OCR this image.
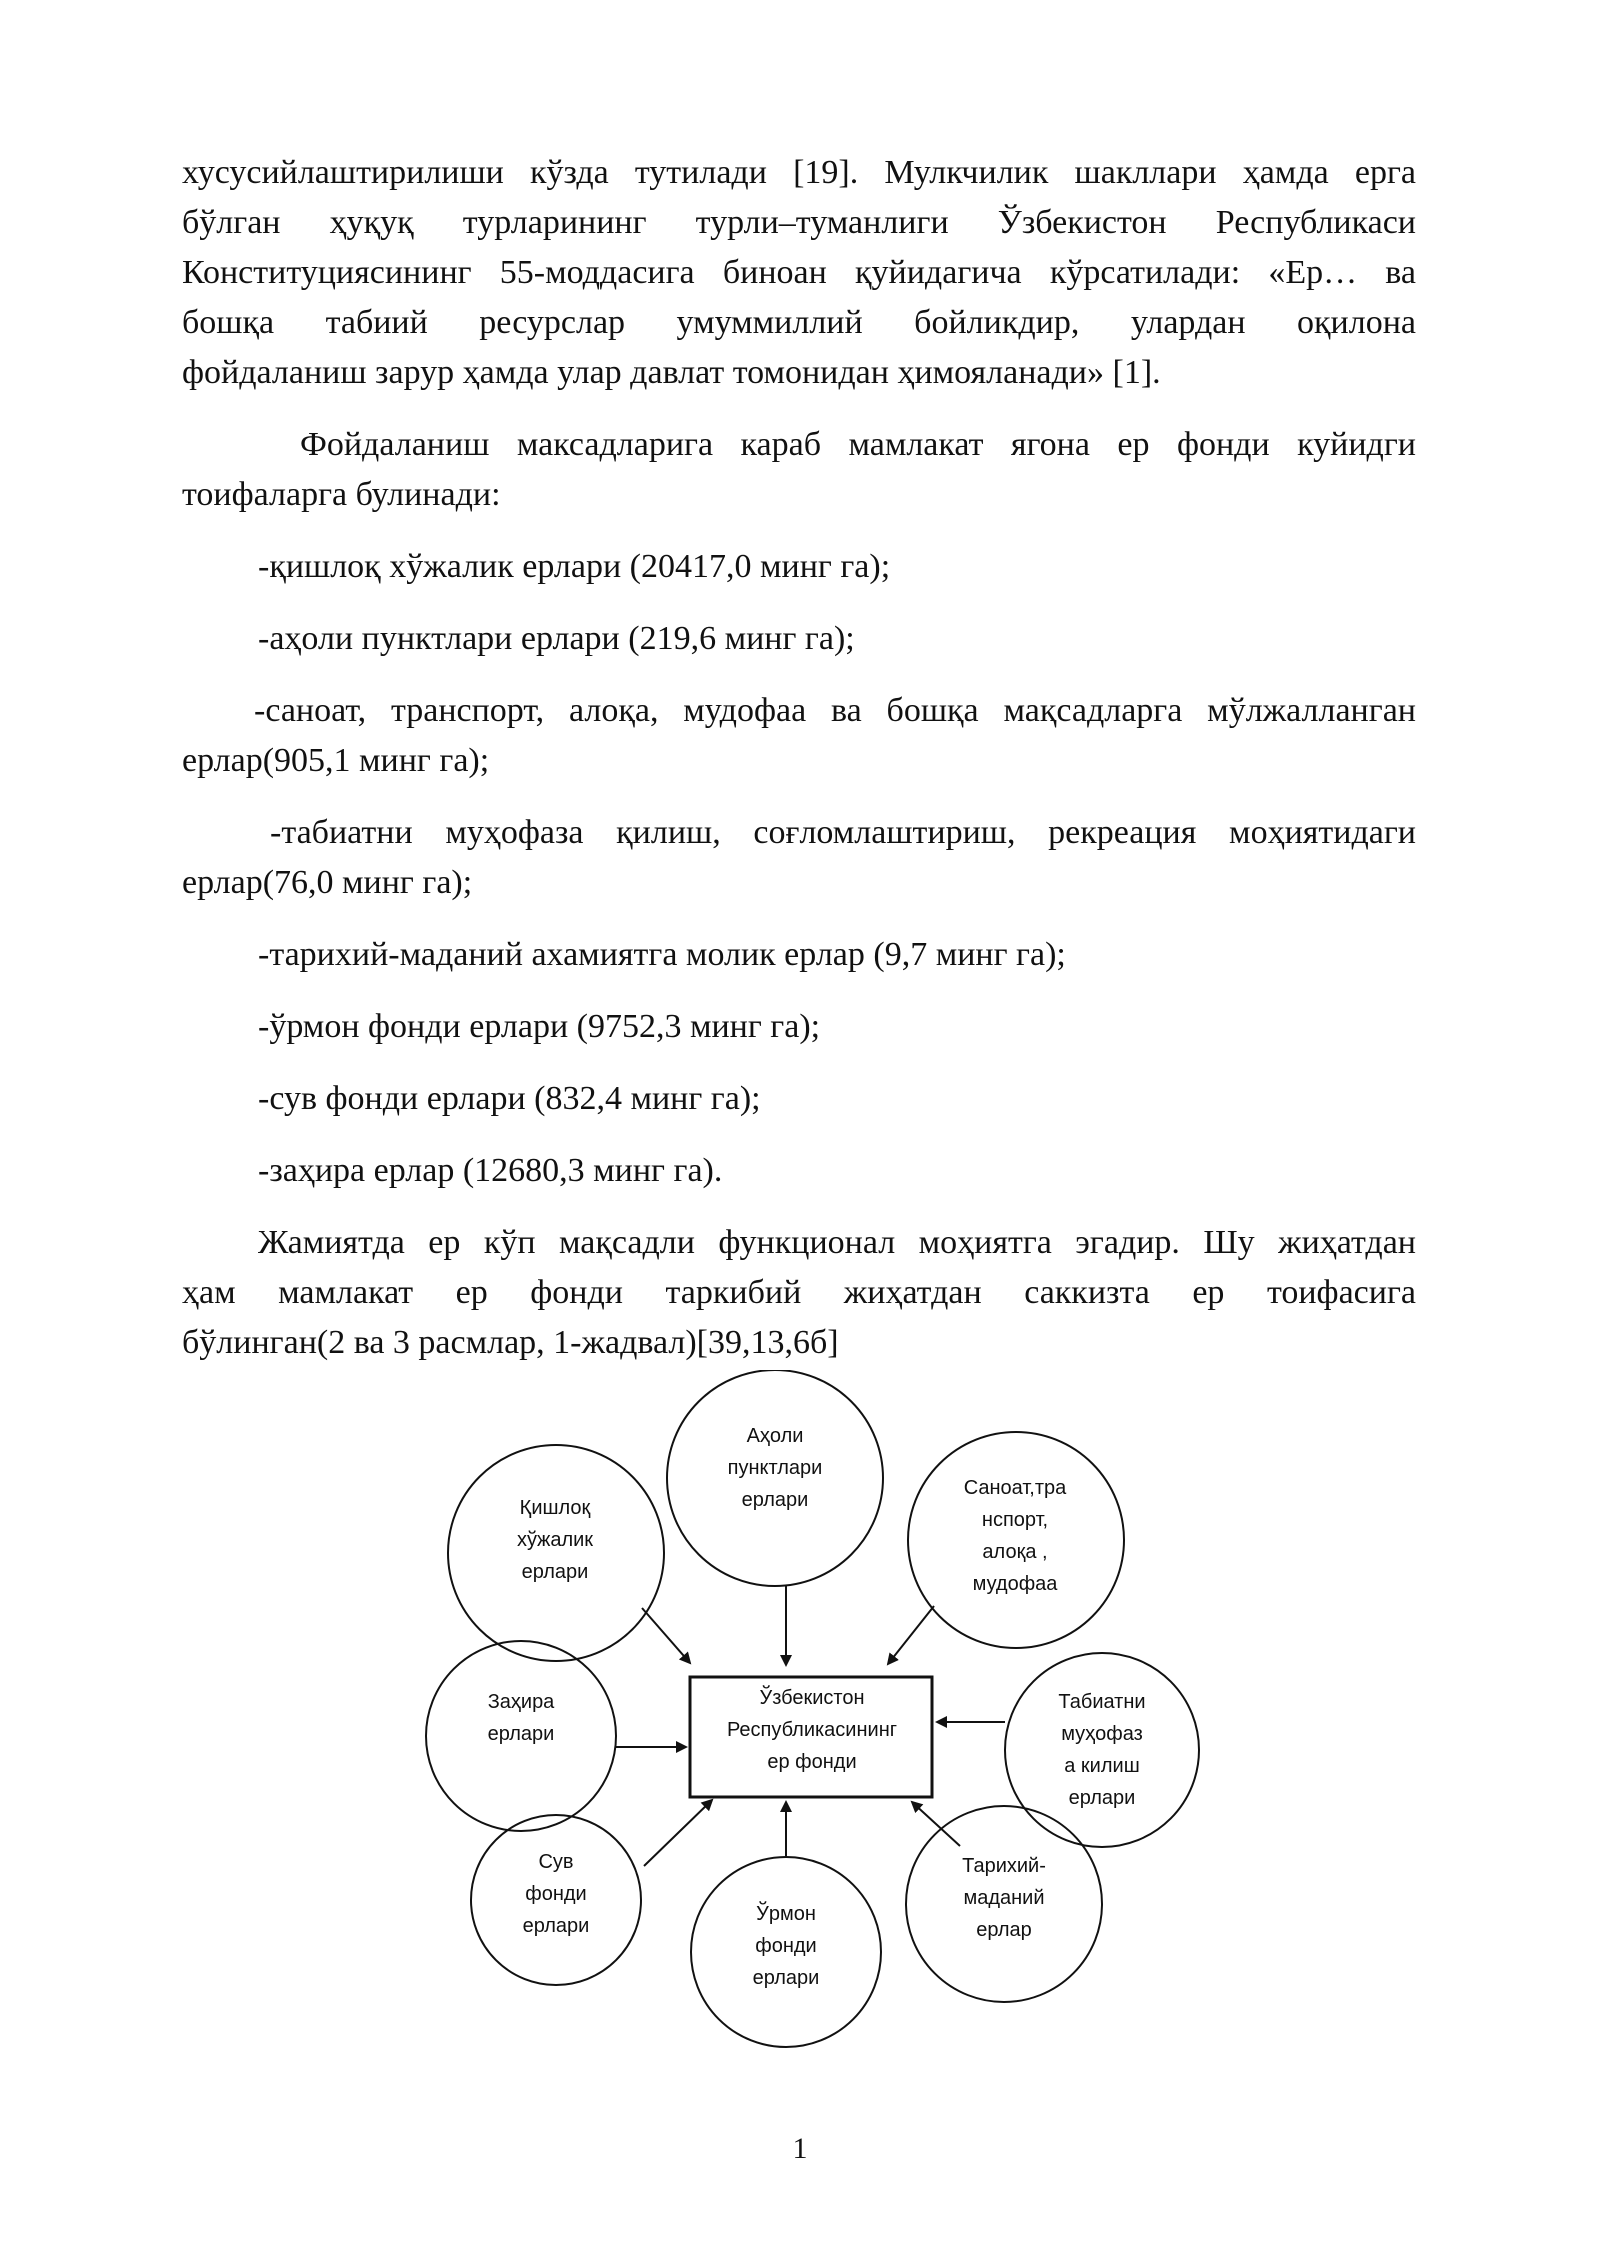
хусусийлаштирилиши кўзда тутилади [19]. Мулкчилик шакллари ҳамда ерга

бўлган ҳуқуқ турларининг турли–туманлиги Ўзбекистон Республикаси

Конституциясининг 55-моддасига биноан қуйидагича кўрсатилади: «Ер… ва

бошқа табиий ресурслар умуммиллий бойликдир, улардан оқилона

фойдаланиш зарур ҳамда улар давлат томонидан ҳимояланади» [1].

Фойдаланиш максадларига караб мамлакат ягона ер фонди куйидги

тоифаларга булинади:

-қишлоқ хўжалик ерлари (20417,0 минг га);

-аҳоли пунктлари ерлари (219,6 минг га);

-саноат, транспорт, алоқа, мудофаа ва бошқа мақсадларга мўлжалланган

ерлар(905,1 минг га);

-табиатни муҳофаза қилиш, соғломлаштириш, рекреация моҳиятидаги

ерлар(76,0 минг га);

-тарихий-маданий ахамиятга молик ерлар (9,7 минг га);

-ўрмон фонди ерлари (9752,3 минг га);

-сув фонди ерлари (832,4 минг га);

-заҳира ерлар (12680,3 минг га).

Жамиятда ер кўп мақсадли функционал моҳиятга эгадир. Шу жиҳатдан

ҳам мамлакат ер фонди таркибий жиҳатдан саккизта ер тоифасига

бўлинган(2 ва 3 расмлар, 1-жадвал)[39,13,6б]

Ўзбекистон
Республикасининг
ер фонди
Қишлоқ
хўжалик
ерлари
Аҳоли
пунктлари
ерлари
Саноат,тра
нспорт,
алоқа ,
мудофаа
Заҳира
ерлари
Табиатни
муҳофаз
а килиш
ерлари
Сув
фонди
ерлари
Ўрмон
фонди
ерлари
Тарихий-
маданий
ерлар
1
